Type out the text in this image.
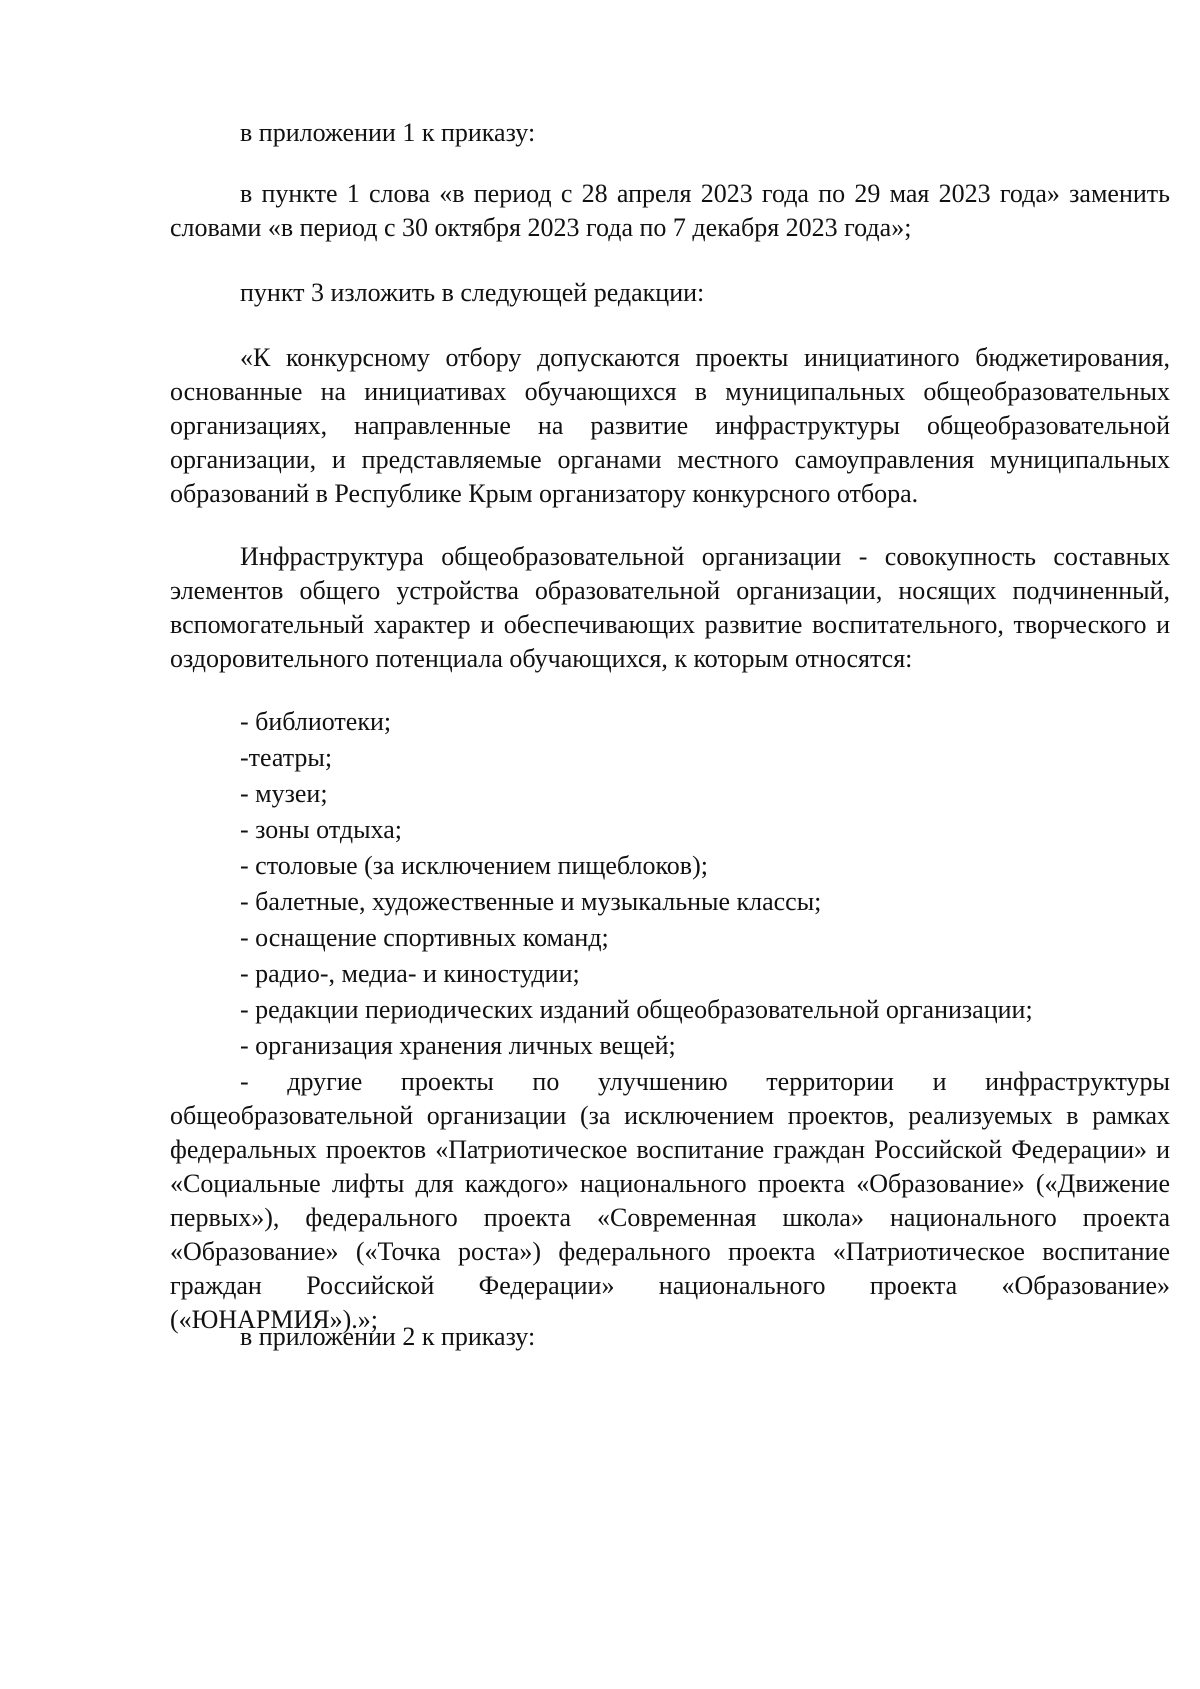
в приложении 1 к приказу:

в пункте 1 слова «в период с 28 апреля 2023 года по 29 мая 2023 года» заменить словами «в период с 30 октября 2023 года по 7 декабря 2023 года»;

пункт 3 изложить в следующей редакции:

«К конкурсному отбору допускаются проекты инициатиного бюджетирования, основанные на инициативах обучающихся в муниципальных общеобразовательных организациях, направленные на развитие инфраструктуры общеобразовательной организации, и представляемые органами местного самоуправления муниципальных образований в Республике Крым организатору конкурсного отбора.

Инфраструктура общеобразовательной организации - совокупность составных элементов общего устройства образовательной организации, носящих подчиненный, вспомогательный характер и обеспечивающих развитие воспитательного, творческого и оздоровительного потенциала обучающихся, к которым относятся:

- библиотеки;
-театры;
- музеи;
- зоны отдыха;
- столовые (за исключением пищеблоков);
- балетные, художественные и музыкальные классы;
- оснащение спортивных команд;
- радио-, медиа- и киностудии;
- редакции периодических изданий общеобразовательной организации;
- организация хранения личных вещей;

- другие проекты по улучшению территории и инфраструктуры общеобразовательной организации (за исключением проектов, реализуемых в рамках федеральных проектов «Патриотическое воспитание граждан Российской Федерации» и «Социальные лифты для каждого» национального проекта «Образование» («Движение первых»), федерального проекта «Современная школа» национального проекта «Образование» («Точка роста») федерального проекта «Патриотическое воспитание граждан Российской Федерации» национального проекта «Образование» («ЮНАРМИЯ»).»;

в приложении 2 к приказу:
